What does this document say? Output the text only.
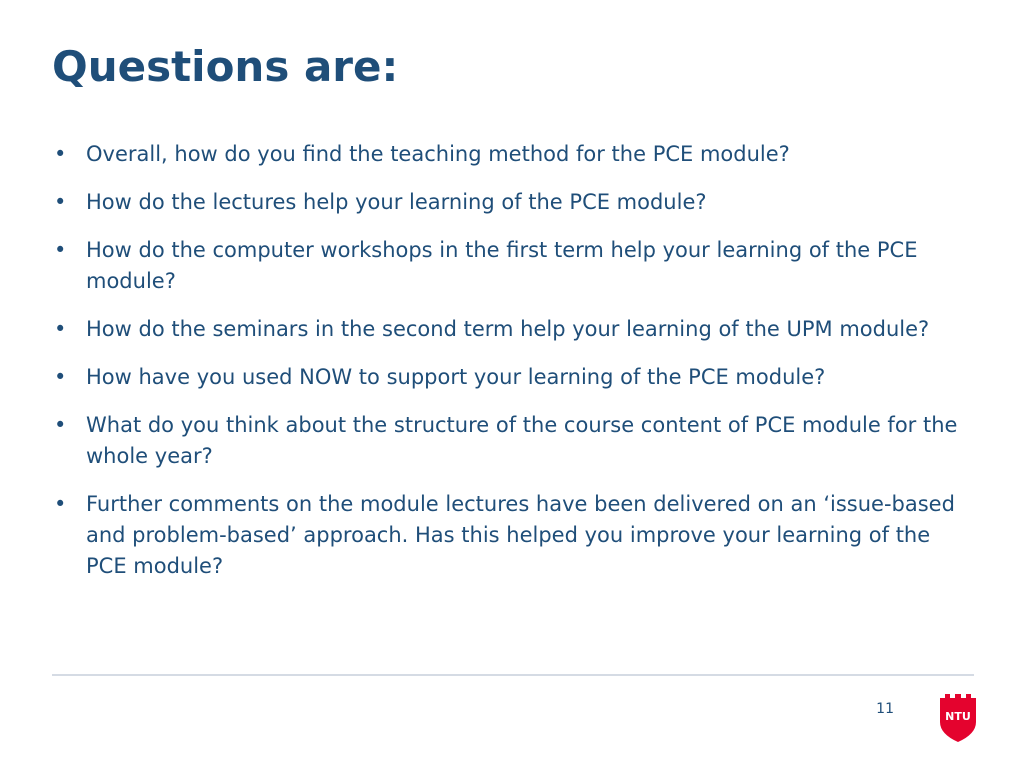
Questions are:
• Overall, how do you find the teaching method for the PCE module?
• How do the lectures help your learning of the PCE module?
• How do the computer workshops in the first term help your learning of the PCE module?
• How do the seminars in the second term help your learning of the UPM module?
• How have you used NOW to support your learning of the PCE module?
• What do you think about the structure of the course content of PCE module for the whole year?
• Further comments on the module lectures have been delivered on an ‘issue-based and problem-based’ approach. Has this helped you improve your learning of the PCE module?
11	NTU
